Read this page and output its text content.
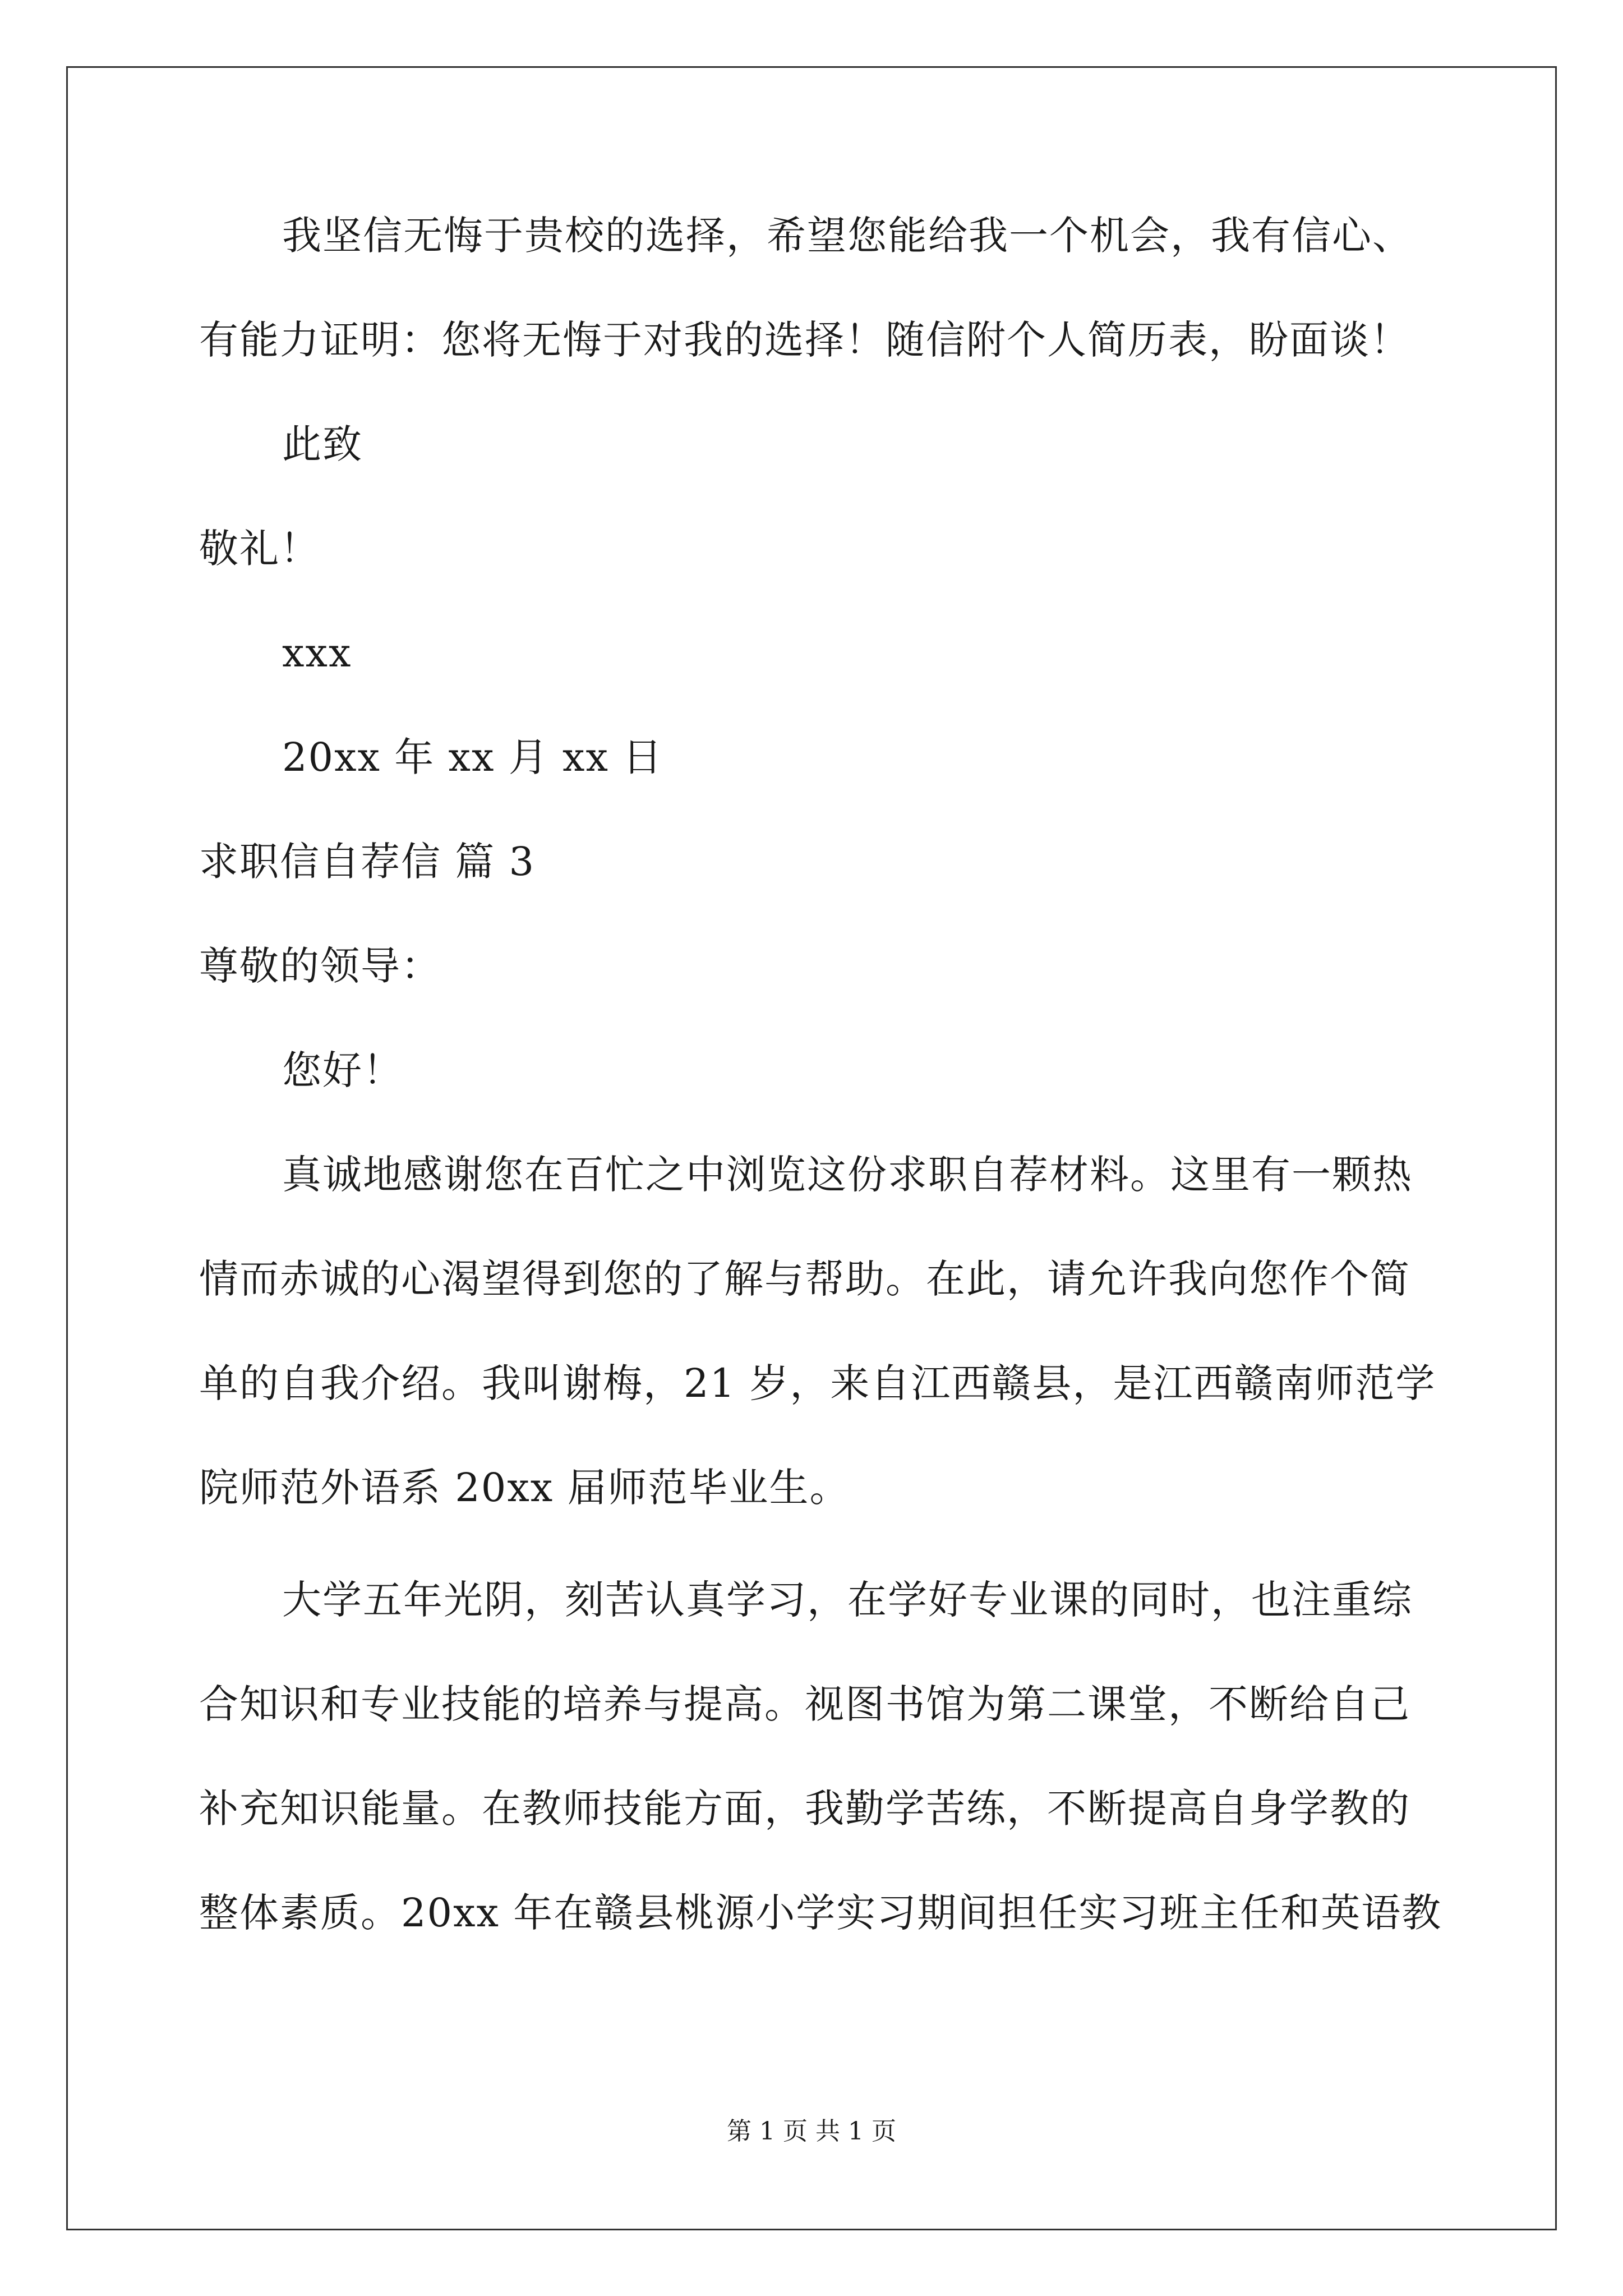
我坚信无悔于贵校的选择，希望您能给我一个机会，我有信心、
有能力证明：您将无悔于对我的选择！随信附个人简历表，盼面谈！
此致
敬礼！
xxx
20xx 年 xx 月 xx 日
求职信自荐信 篇 3
尊敬的领导：
您好！
真诚地感谢您在百忙之中浏览这份求职自荐材料。这里有一颗热
情而赤诚的心渴望得到您的了解与帮助。在此，请允许我向您作个简
单的自我介绍。我叫谢梅，21 岁，来自江西赣县，是江西赣南师范学
院师范外语系 20xx 届师范毕业生。
大学五年光阴，刻苦认真学习，在学好专业课的同时，也注重综
合知识和专业技能的培养与提高。视图书馆为第二课堂，不断给自己
补充知识能量。在教师技能方面，我勤学苦练，不断提高自身学教的
整体素质。20xx 年在赣县桃源小学实习期间担任实习班主任和英语教
第 1 页 共 1 页
